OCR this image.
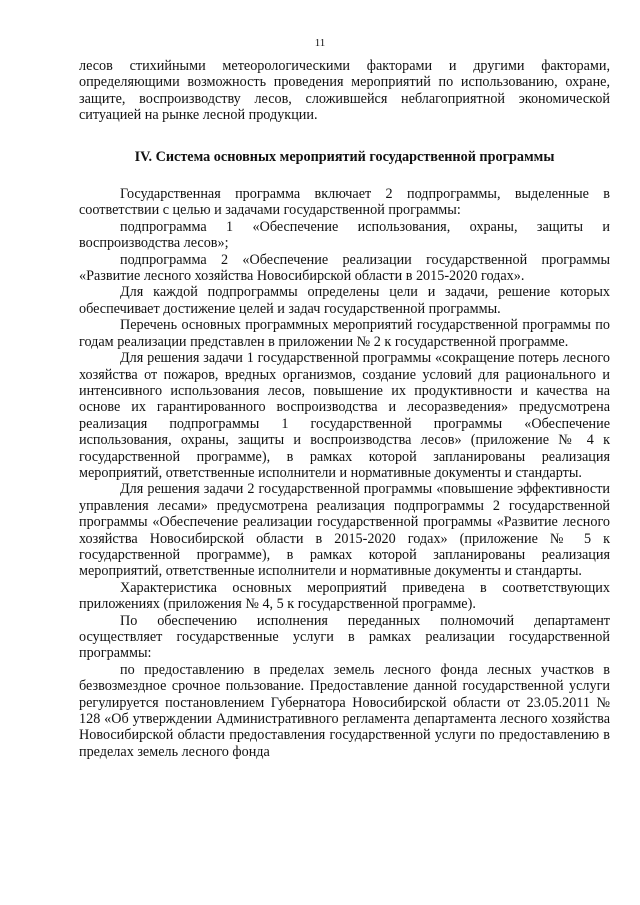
11

лесов стихийными метеорологическими факторами и другими факторами, определяющими возможность проведения мероприятий по использованию, охране, защите, воспроизводству лесов, сложившейся неблагоприятной экономической ситуацией на рынке лесной продукции.

IV. Система основных мероприятий государственной программы

Государственная программа включает 2 подпрограммы, выделенные в соответствии с целью и задачами государственной программы:

подпрограмма 1 «Обеспечение использования, охраны, защиты и воспроизводства лесов»;

подпрограмма 2 «Обеспечение реализации государственной программы «Развитие лесного хозяйства Новосибирской области в 2015-2020 годах».

Для каждой подпрограммы определены цели и задачи, решение которых обеспечивает достижение целей и задач государственной программы.

Перечень основных программных мероприятий государственной программы по годам реализации представлен в приложении № 2 к государственной программе.

Для решения задачи 1 государственной программы «сокращение потерь лесного хозяйства от пожаров, вредных организмов, создание условий для рационального и интенсивного использования лесов, повышение их продуктивности и качества на основе их гарантированного воспроизводства и лесоразведения» предусмотрена реализация подпрограммы 1 государственной программы «Обеспечение использования, охраны, защиты и воспроизводства лесов» (приложение № 4 к государственной программе), в рамках которой запланированы реализация мероприятий, ответственные исполнители и нормативные документы и стандарты.

Для решения задачи 2 государственной программы «повышение эффективности управления лесами» предусмотрена реализация подпрограммы 2 государственной программы «Обеспечение реализации государственной программы «Развитие лесного хозяйства Новосибирской области в 2015-2020 годах» (приложение № 5 к государственной программе), в рамках которой запланированы реализация мероприятий, ответственные исполнители и нормативные документы и стандарты.

Характеристика основных мероприятий приведена в соответствующих приложениях (приложения № 4, 5 к государственной программе).

По обеспечению исполнения переданных полномочий департамент осуществляет государственные услуги в рамках реализации государственной программы:

по предоставлению в пределах земель лесного фонда лесных участков в безвозмездное срочное пользование. Предоставление данной государственной услуги регулируется постановлением Губернатора Новосибирской области от 23.05.2011 № 128 «Об утверждении Административного регламента департамента лесного хозяйства Новосибирской области предоставления государственной услуги по предоставлению в пределах земель лесного фонда
